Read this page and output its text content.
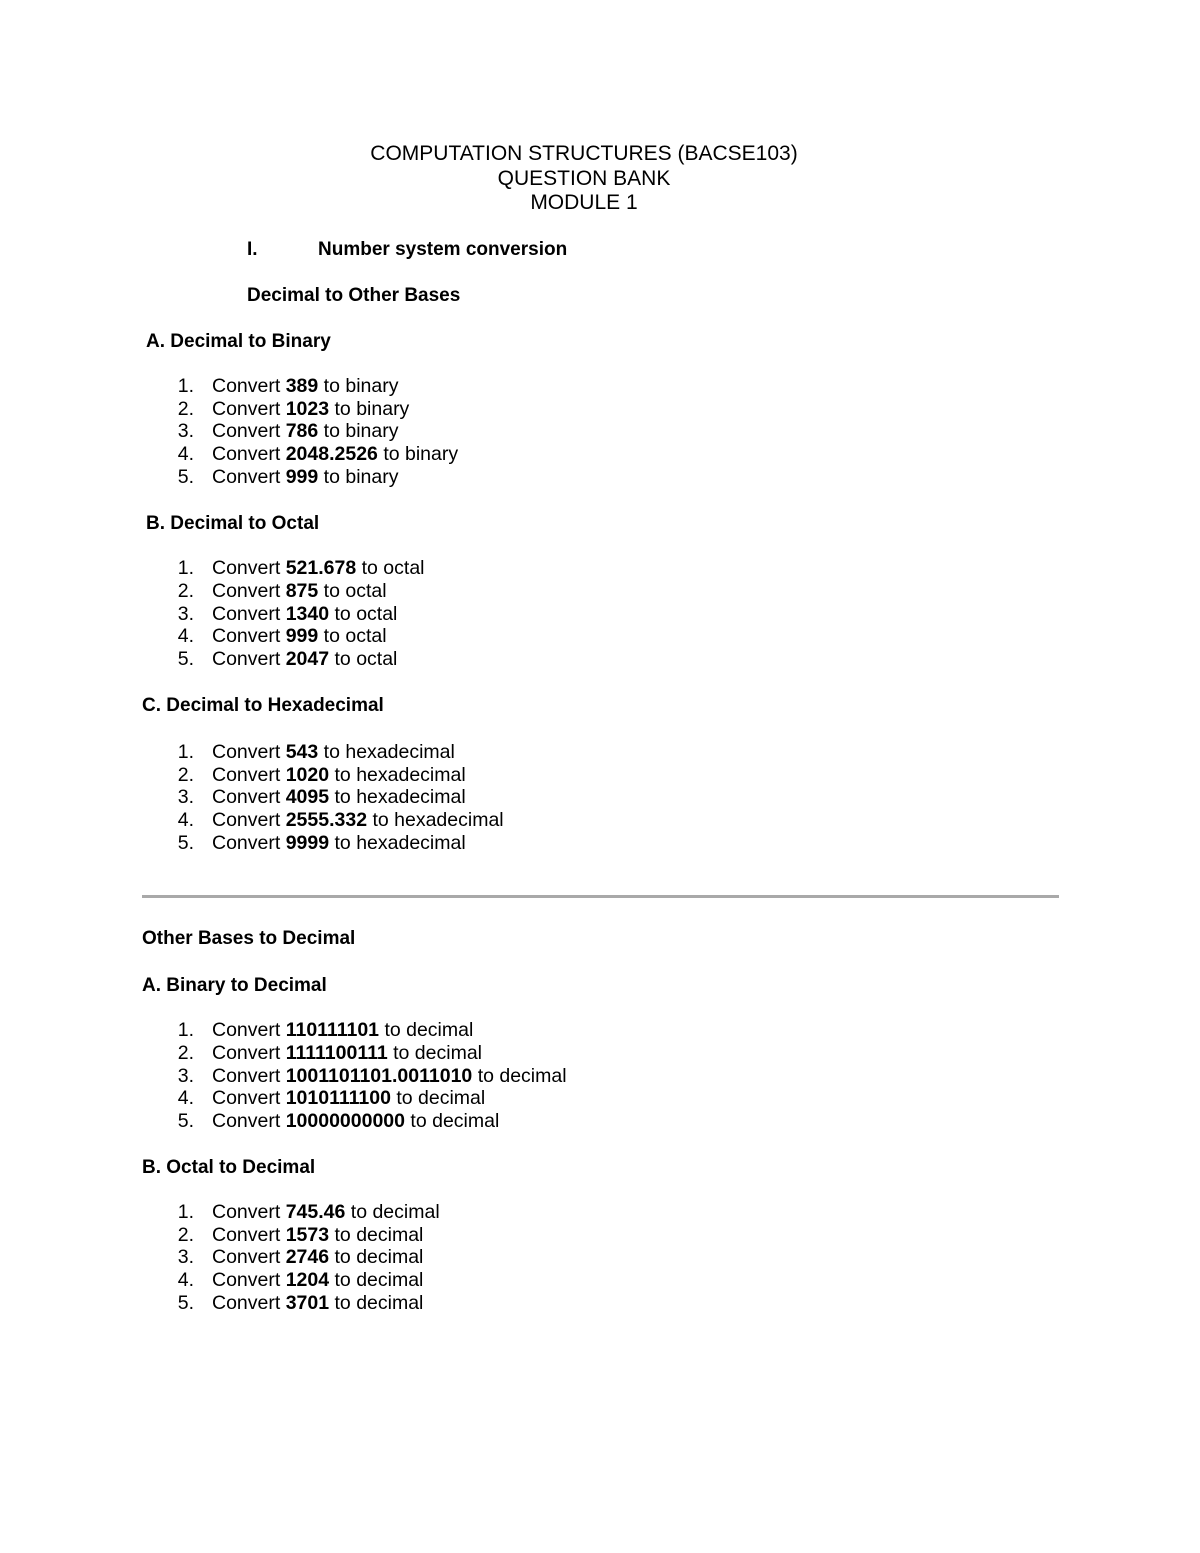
COMPUTATION STRUCTURES (BACSE103)
QUESTION BANK
MODULE 1
I.	Number system conversion
Decimal to Other Bases
A. Decimal to Binary
1. Convert 389 to binary
2. Convert 1023 to binary
3. Convert 786 to binary
4. Convert 2048.2526 to binary
5. Convert 999 to binary
B. Decimal to Octal
1. Convert 521.678 to octal
2. Convert 875 to octal
3. Convert 1340 to octal
4. Convert 999 to octal
5. Convert 2047 to octal
C. Decimal to Hexadecimal
1. Convert 543 to hexadecimal
2. Convert 1020 to hexadecimal
3. Convert 4095 to hexadecimal
4. Convert 2555.332 to hexadecimal
5. Convert 9999 to hexadecimal
Other Bases to Decimal
A. Binary to Decimal
1. Convert 110111101 to decimal
2. Convert 1111100111 to decimal
3. Convert 1001101101.0011010 to decimal
4. Convert 1010111100 to decimal
5. Convert 10000000000 to decimal
B. Octal to Decimal
1. Convert 745.46 to decimal
2. Convert 1573 to decimal
3. Convert 2746 to decimal
4. Convert 1204 to decimal
5. Convert 3701 to decimal
